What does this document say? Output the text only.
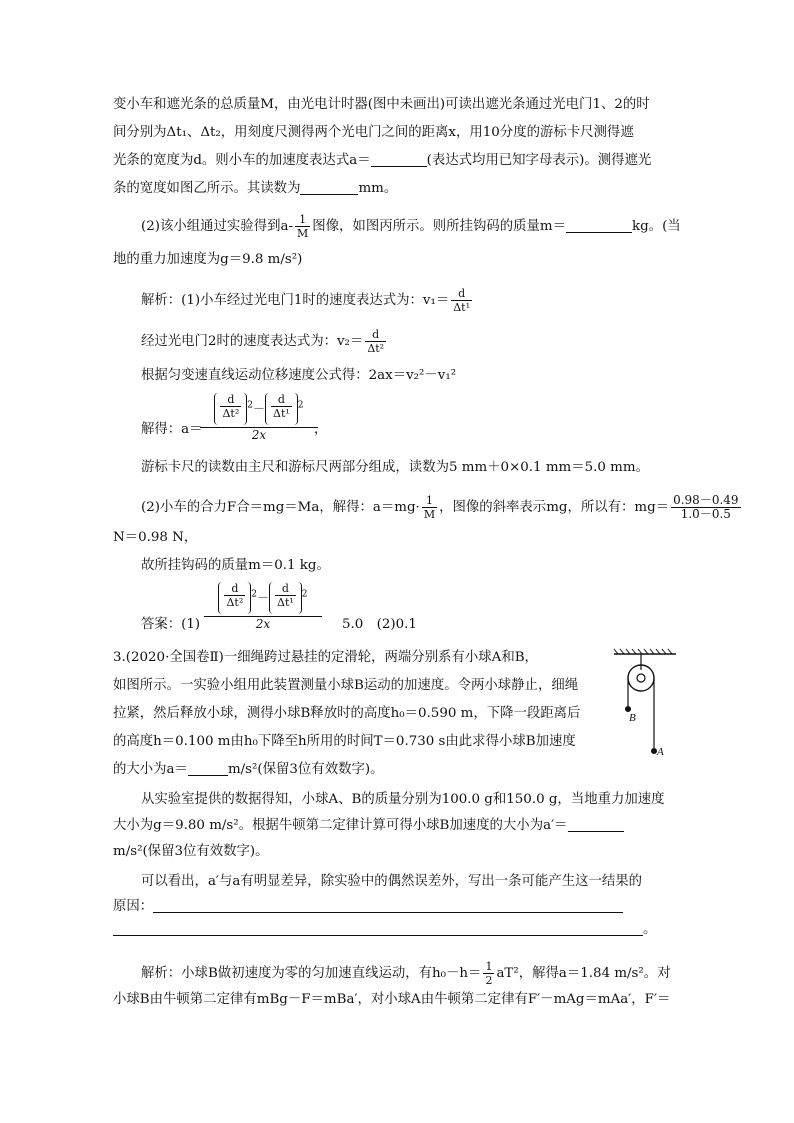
变小车和遮光条的总质量M，由光电计时器(图中未画出)可读出遮光条通过光电门1、2的时
间分别为Δt₁、Δt₂，用刻度尺测得两个光电门之间的距离x，用10分度的游标卡尺测得遮
光条的宽度为d。则小车的加速度表达式a＝	(表达式均用已知字母表示)。测得遮光
条的宽度如图乙所示。其读数为	mm。
(2)该小组通过实验得到$a- \frac{1}{M}$ 图像，如图丙所示。则所挂钩码的质量m＝	kg。(当
地的重力加速度为g＝9.8 m/s²)
解析：(1)小车经过光电门1时的速度表达式为：$v_1= \frac{d}{\text{Δt¹}}$
经过光电门2时的速度表达式为：$v_2= \frac{d}{\text{Δt²}}$
根据匀变速直线运动位移速度公式得：2ax＝v₂²－v₁²
解得：a＝
$\frac{d}{\text{Δt²}} ^2- \frac{d}{\text{Δt¹}} ^2$
2x	，
游标卡尺的读数由主尺和游标尺两部分组成，读数为5 mm＋0×0.1 mm＝5.0 mm。
(2)小车的合力F合＝mg＝Ma，解得：$a=mg\cdot \frac{1}{M}$ ，图像的斜率表示mg，所以有：$mg= \frac{0.98-0.49}{1.0-0.5}$
N＝0.98 N，
故所挂钩码的质量m＝0.1 kg。
答案：(1)
$\frac{d}{\text{Δt²}} ^2- \frac{d}{\text{Δt¹}} ^2$
2x	5.0　(2)0.1
3.(2020·全国卷Ⅱ)一细绳跨过悬挂的定滑轮，两端分别系有小球A和B，
如图所示。一实验小组用此装置测量小球B运动的加速度。令两小球静止，细绳
拉紧，然后释放小球，测得小球B释放时的高度h₀＝0.590 m，下降一段距离后
的高度h＝0.100 m由h₀下降至h所用的时间T＝0.730 s由此求得小球B加速度
的大小为a＝	m/s²(保留3位有效数字)。
B
A
从实验室提供的数据得知，小球A、B的质量分别为100.0 g和150.0 g，当地重力加速度
大小为g＝9.80 m/s²。根据牛顿第二定律计算可得小球B加速度的大小为a′＝
m/s²(保留3位有效数字)。
可以看出，a′与a有明显差异，除实验中的偶然误差外，写出一条可能产生这一结果的
原因：
。
解析：小球B做初速度为零的匀加速直线运动，有$h_0-h= \frac{1}{2} aT^2$，解得a＝1.84 m/s²。对
小球B由牛顿第二定律有mBg－F＝mBa′，对小球A由牛顿第二定律有F′－mAg＝mAa′，F′＝
